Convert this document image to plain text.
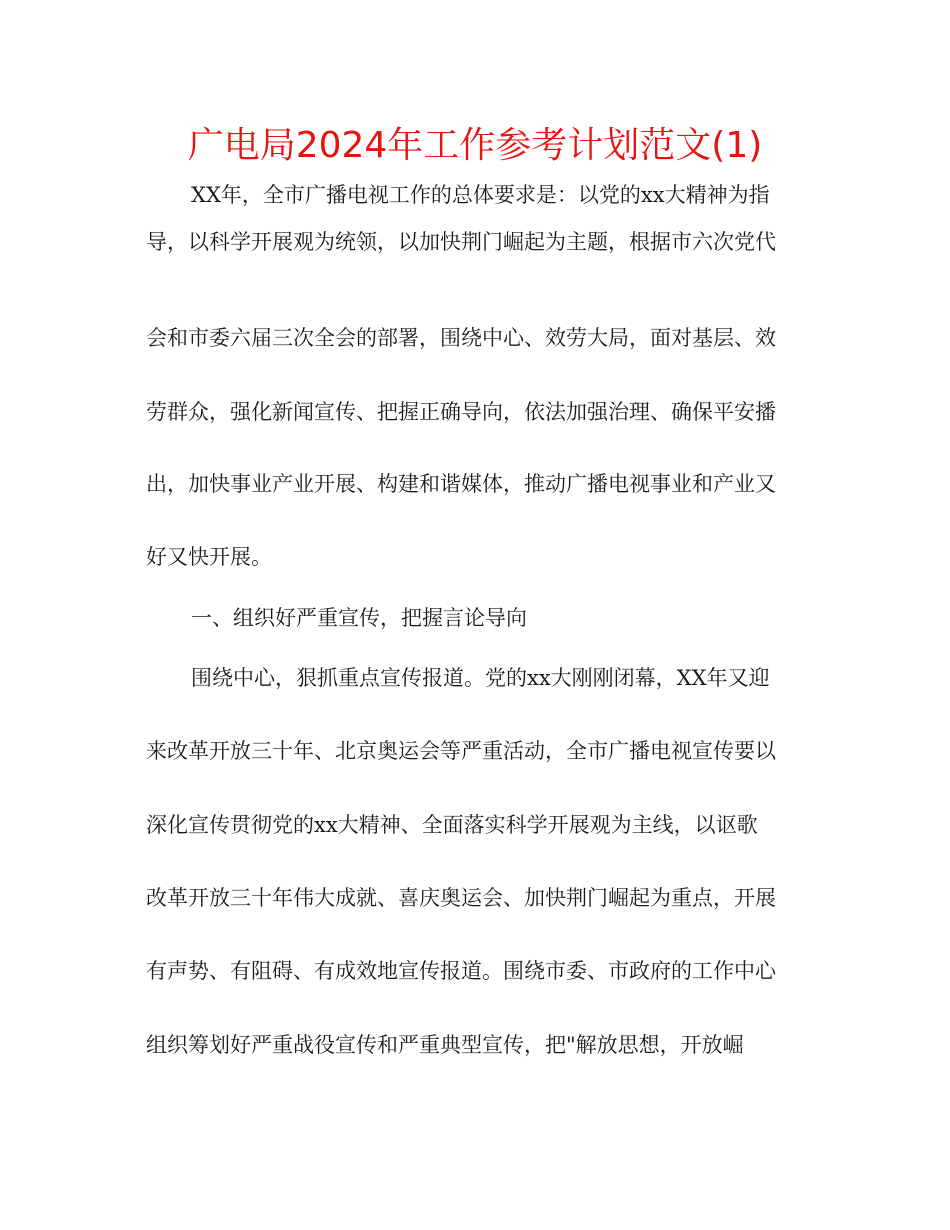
广电局2024年工作参考计划范文(1)
XX年，全市广播电视工作的总体要求是：以党的xx大精神为指
导，以科学开展观为统领，以加快荆门崛起为主题，根据市六次党代
会和市委六届三次全会的部署，围绕中心、效劳大局，面对基层、效
劳群众，强化新闻宣传、把握正确导向，依法加强治理、确保平安播
出，加快事业产业开展、构建和谐媒体，推动广播电视事业和产业又
好又快开展。
一、组织好严重宣传，把握言论导向
围绕中心，狠抓重点宣传报道。党的xx大刚刚闭幕，XX年又迎
来改革开放三十年、北京奥运会等严重活动，全市广播电视宣传要以
深化宣传贯彻党的xx大精神、全面落实科学开展观为主线，以讴歌
改革开放三十年伟大成就、喜庆奥运会、加快荆门崛起为重点，开展
有声势、有阻碍、有成效地宣传报道。围绕市委、市政府的工作中心
组织筹划好严重战役宣传和严重典型宣传，把"解放思想，开放崛
